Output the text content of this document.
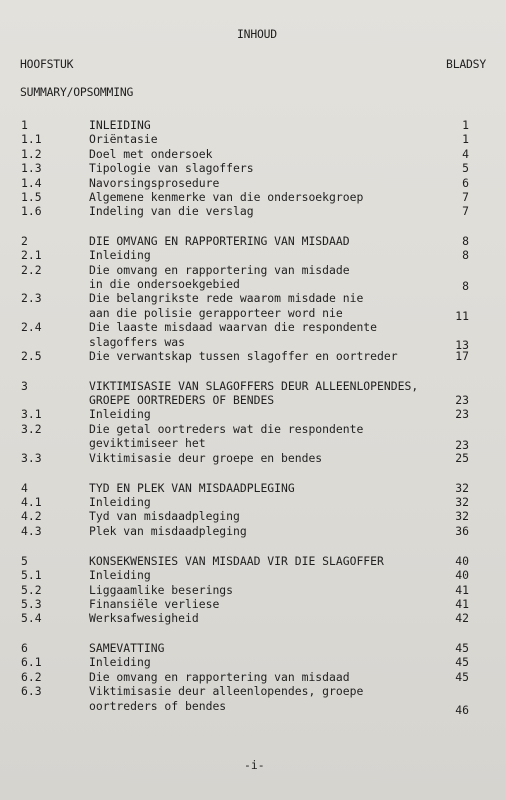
INHOUD
HOOFSTUK	BLADSY
SUMMARY/OPSOMMING
1	INLEIDING	1
1.1	Oriëntasie	1
1.2	Doel met ondersoek	4
1.3	Tipologie van slagoffers	5
1.4	Navorsingsprosedure	6
1.5	Algemene kenmerke van die ondersoekgroep	7
1.6	Indeling van die verslag	7
2	DIE OMVANG EN RAPPORTERING VAN MISDAAD	8
2.1	Inleiding	8
2.2	Die omvang en rapportering van misdade
in die ondersoekgebied	8
2.3	Die belangrikste rede waarom misdade nie
aan die polisie gerapporteer word nie	11
2.4	Die laaste misdaad waarvan die respondente
slagoffers was	13
2.5	Die verwantskap tussen slagoffer en oortreder	17
3	VIKTIMISASIE VAN SLAGOFFERS DEUR ALLEENLOPENDES,
GROEPE OORTREDERS OF BENDES	23
3.1	Inleiding	23
3.2	Die getal oortreders wat die respondente
geviktimiseer het	23
3.3	Viktimisasie deur groepe en bendes	25
4	TYD EN PLEK VAN MISDAADPLEGING	32
4.1	Inleiding	32
4.2	Tyd van misdaadpleging	32
4.3	Plek van misdaadpleging	36
5	KONSEKWENSIES VAN MISDAAD VIR DIE SLAGOFFER	40
5.1	Inleiding	40
5.2	Liggaamlike beserings	41
5.3	Finansiële verliese	41
5.4	Werksafwesigheid	42
6	SAMEVATTING	45
6.1	Inleiding	45
6.2	Die omvang en rapportering van misdaad	45
6.3	Viktimisasie deur alleenlopendes, groepe
oortreders of bendes	46
-i-
